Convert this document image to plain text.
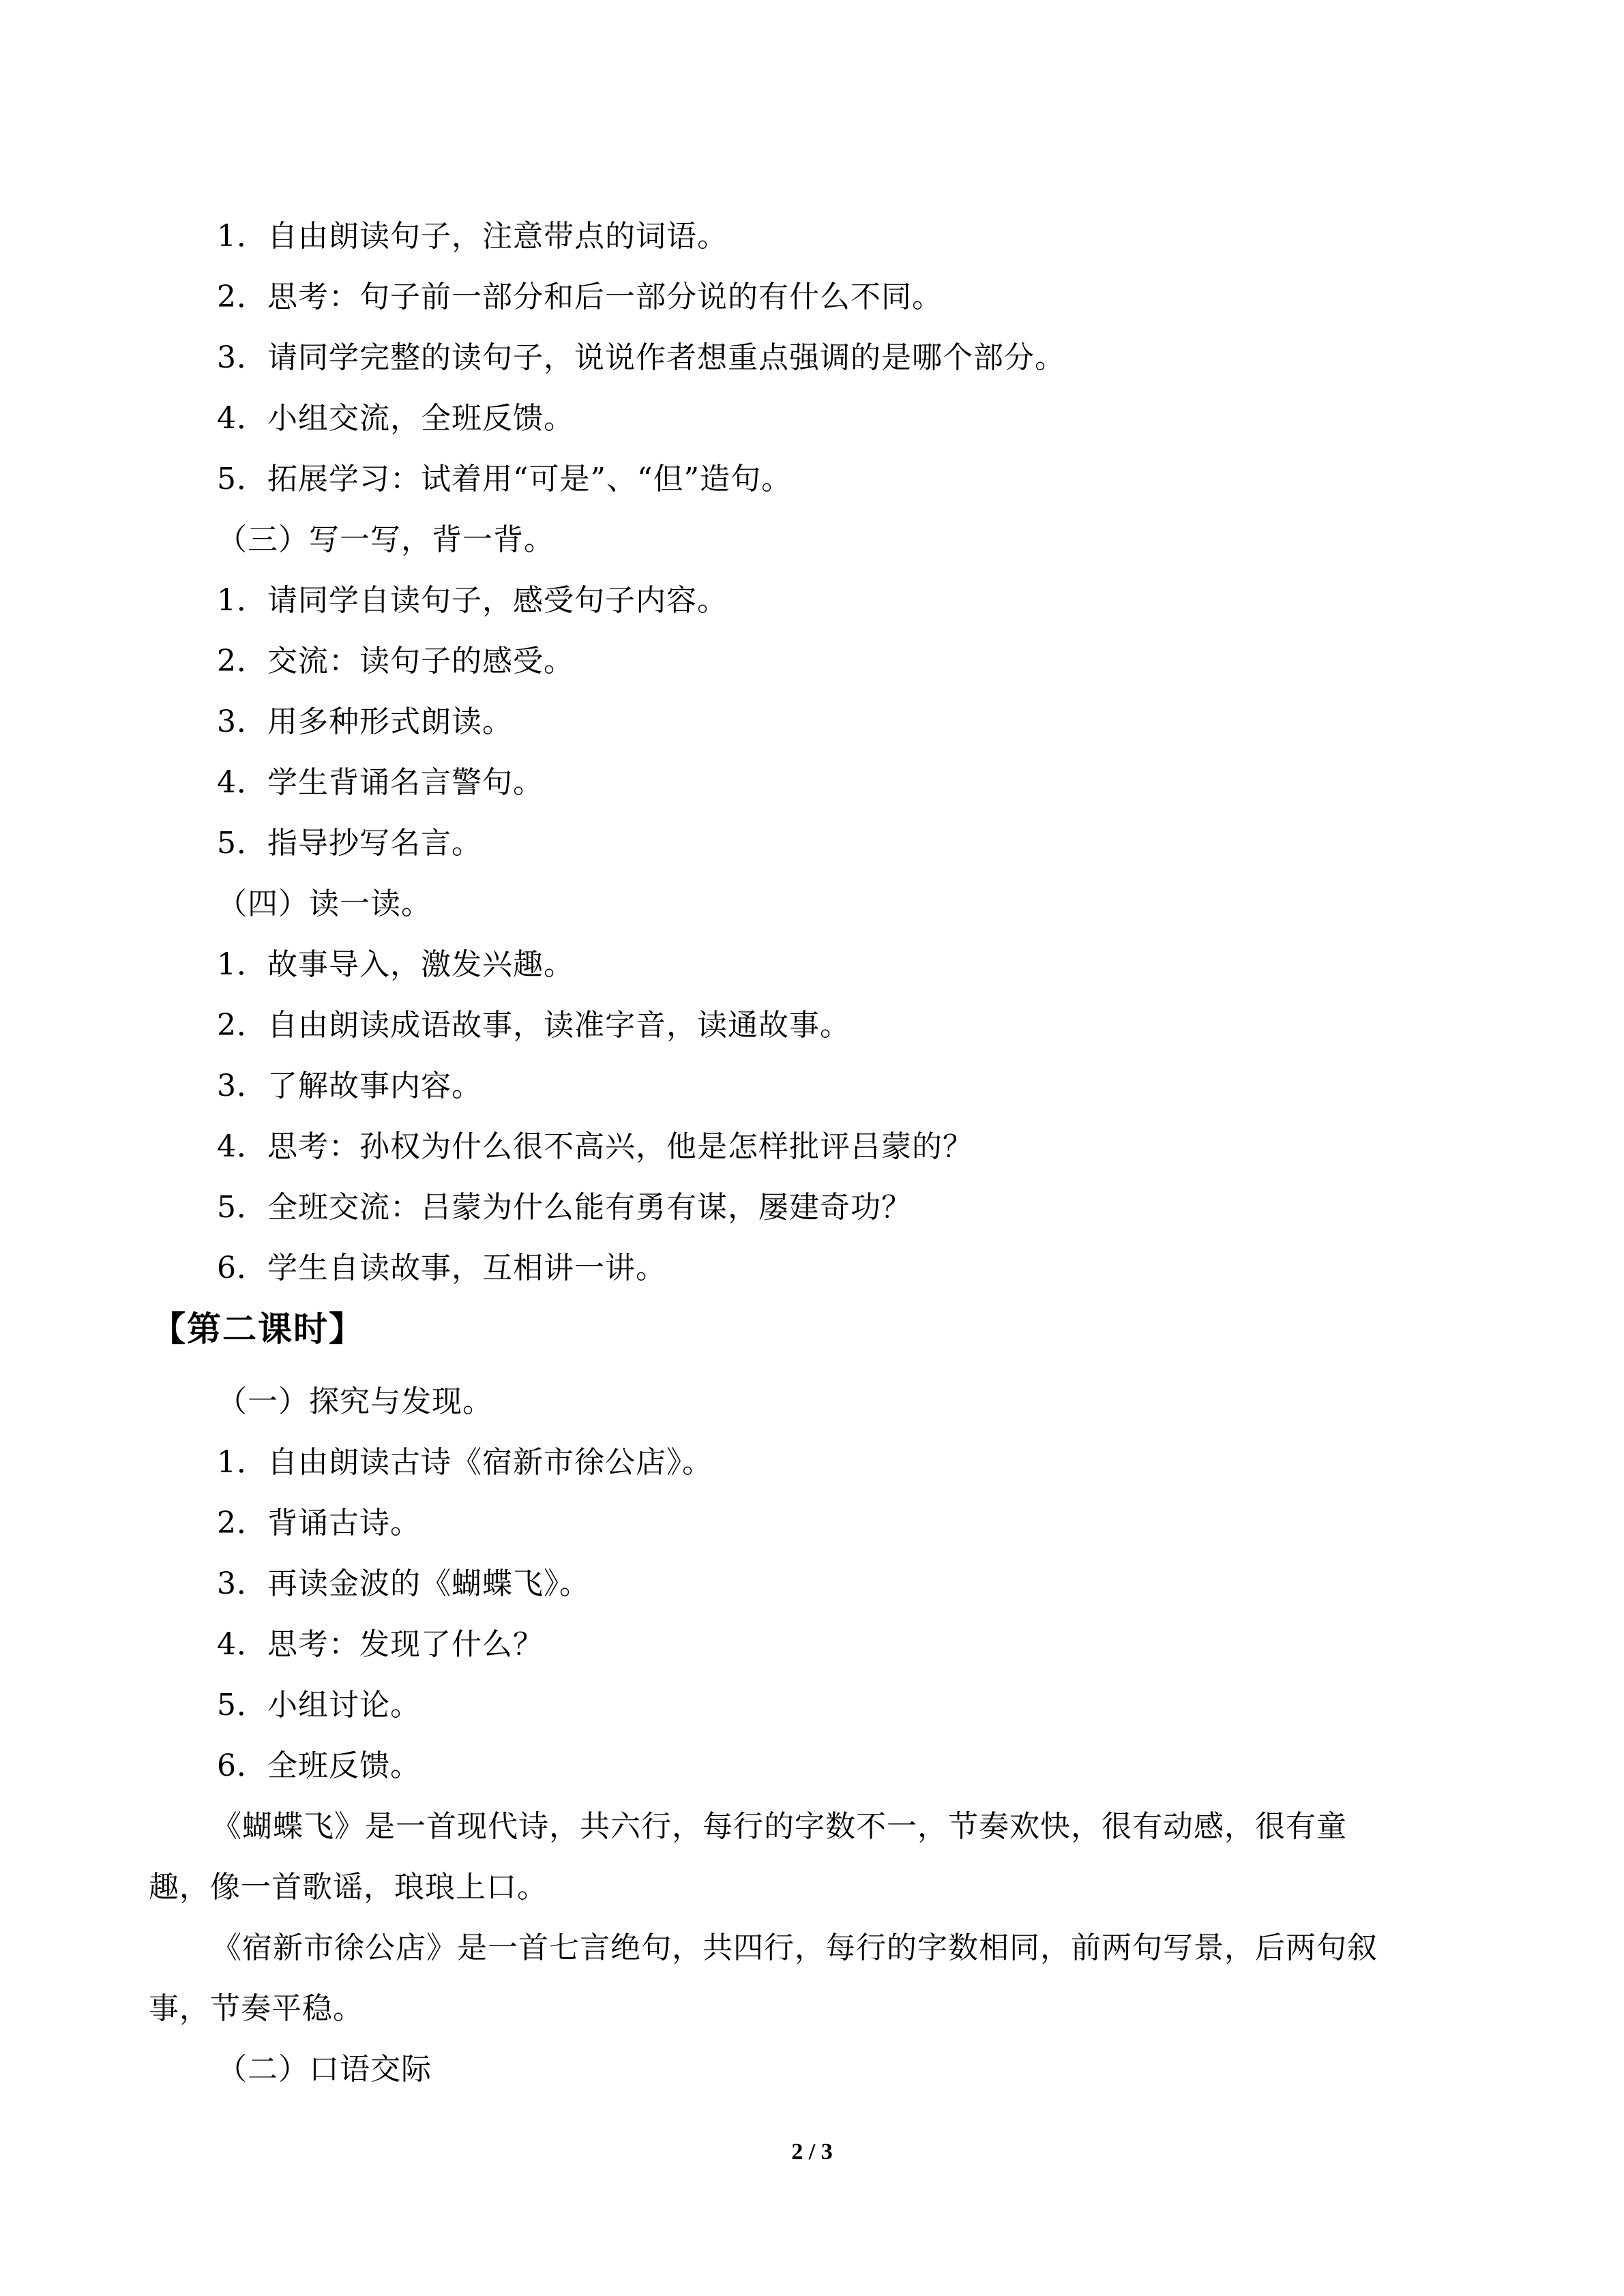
1．自由朗读句子，注意带点的词语。
2．思考：句子前一部分和后一部分说的有什么不同。
3．请同学完整的读句子，说说作者想重点强调的是哪个部分。
4．小组交流，全班反馈。
5．拓展学习：试着用“可是”、“但”造句。
（三）写一写，背一背。
1．请同学自读句子，感受句子内容。
2．交流：读句子的感受。
3．用多种形式朗读。
4．学生背诵名言警句。
5．指导抄写名言。
（四）读一读。
1．故事导入，激发兴趣。
2．自由朗读成语故事，读准字音，读通故事。
3．了解故事内容。
4．思考：孙权为什么很不高兴，他是怎样批评吕蒙的？
5．全班交流：吕蒙为什么能有勇有谋，屡建奇功？
6．学生自读故事，互相讲一讲。
【第二课时】
（一）探究与发现。
1．自由朗读古诗《宿新市徐公店》。
2．背诵古诗。
3．再读金波的《蝴蝶飞》。
4．思考：发现了什么？
5．小组讨论。
6．全班反馈。
《蝴蝶飞》是一首现代诗，共六行，每行的字数不一，节奏欢快，很有动感，很有童
趣，像一首歌谣，琅琅上口。
《宿新市徐公店》是一首七言绝句，共四行，每行的字数相同，前两句写景，后两句叙
事，节奏平稳。
（二）口语交际
2 / 3
